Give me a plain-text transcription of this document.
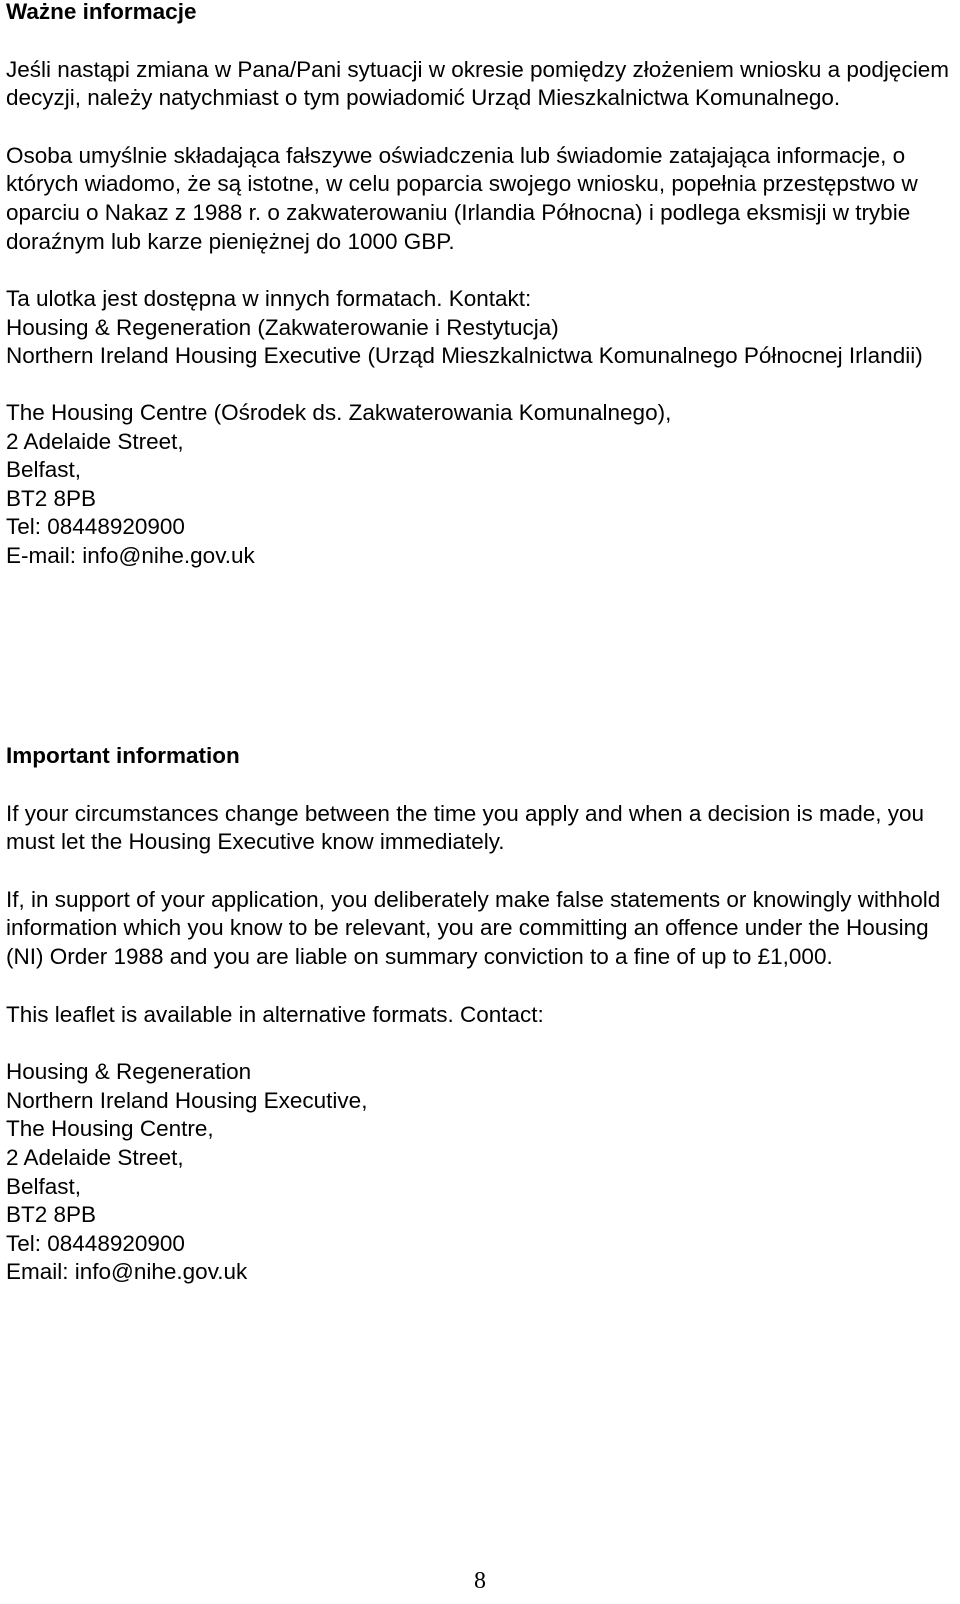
Ważne informacje

Jeśli nastąpi zmiana w Pana/Pani sytuacji w okresie pomiędzy złożeniem wniosku a podjęciem decyzji, należy natychmiast o tym powiadomić Urząd Mieszkalnictwa Komunalnego.

Osoba umyślnie składająca fałszywe oświadczenia lub świadomie zatajająca informacje, o których wiadomo, że są istotne, w celu poparcia swojego wniosku, popełnia przestępstwo w oparciu o Nakaz z 1988 r. o zakwaterowaniu (Irlandia Północna) i podlega eksmisji w trybie doraźnym lub karze pieniężnej do 1000 GBP.

Ta ulotka jest dostępna w innych formatach. Kontakt:
Housing & Regeneration (Zakwaterowanie i Restytucja)
Northern Ireland Housing Executive (Urząd Mieszkalnictwa Komunalnego Północnej Irlandii)
The Housing Centre (Ośrodek ds. Zakwaterowania Komunalnego),
2 Adelaide Street,
Belfast,
BT2 8PB
Tel: 08448920900
E-mail: info@nihe.gov.uk
Important information

If your circumstances change between the time you apply and when a decision is made, you must let the Housing Executive know immediately.

If, in support of your application, you deliberately make false statements or knowingly withhold information which you know to be relevant, you are committing an offence under the Housing (NI) Order 1988 and you are liable on summary conviction to a fine of up to £1,000.

This leaflet is available in alternative formats. Contact:

Housing & Regeneration
Northern Ireland Housing Executive,
The Housing Centre,
2 Adelaide Street,
Belfast,
BT2 8PB
Tel: 08448920900
Email: info@nihe.gov.uk
8
